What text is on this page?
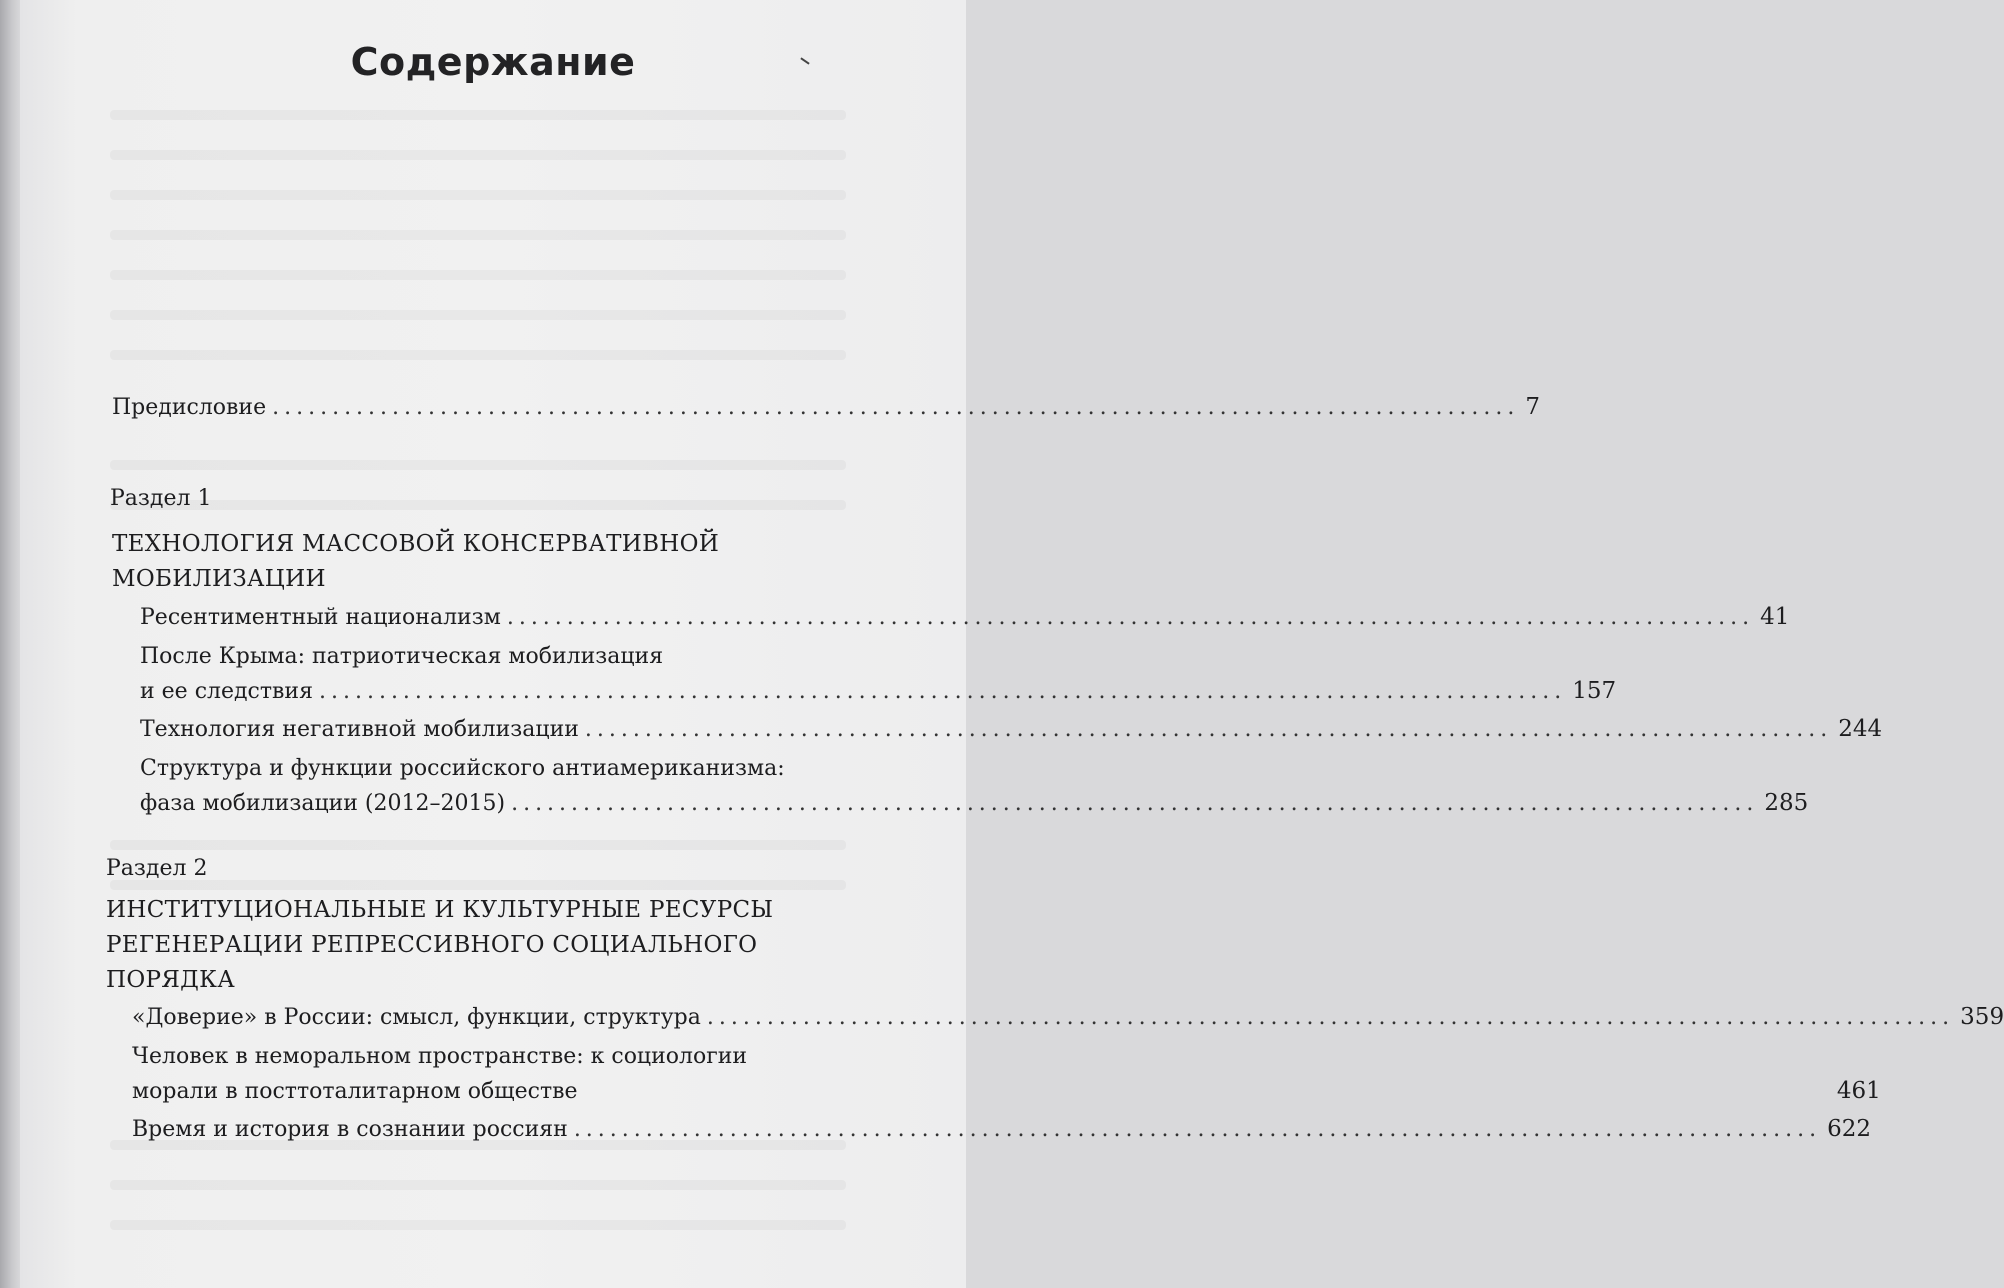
Содержание
Предисловие ........................................................................................................ 7
Раздел 1
ТЕХНОЛОГИЯ МАССОВОЙ КОНСЕРВАТИВНОЙ
МОБИЛИЗАЦИИ
Ресентиментный национализм ........................................................................................................ 41
После Крыма: патриотическая мобилизация
и ее следствия ........................................................................................................ 157
Технология негативной мобилизации ........................................................................................................ 244
Структура и функции российского антиамериканизма:
фаза мобилизации (2012–2015) ........................................................................................................ 285
Раздел 2
ИНСТИТУЦИОНАЛЬНЫЕ И КУЛЬТУРНЫЕ РЕСУРСЫ
РЕГЕНЕРАЦИИ РЕПРЕССИВНОГО СОЦИАЛЬНОГО
ПОРЯДКА
«Доверие» в России: смысл, функции, структура ........................................................................................................ 359
Человек в неморальном пространстве: к социологии
морали в посттоталитарном обществе	461
Время и история в сознании россиян ........................................................................................................ 622
